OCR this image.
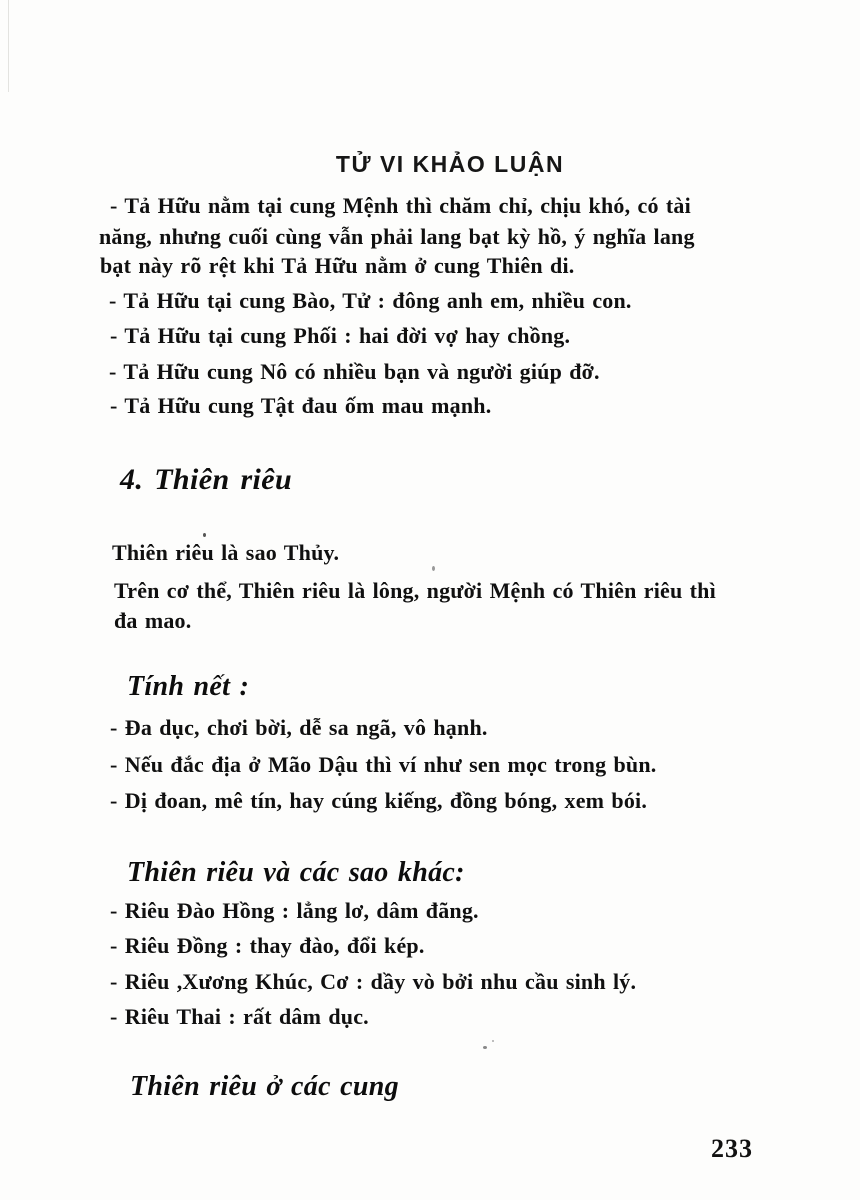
TỬ VI KHẢO LUẬN
- Tả Hữu nằm tại cung Mệnh thì chăm chỉ, chịu khó, có tài
năng, nhưng cuối cùng vẫn phải lang bạt kỳ hồ, ý nghĩa lang
bạt này rõ rệt khi Tả Hữu nằm ở cung Thiên di.
- Tả Hữu tại cung Bào, Tử : đông anh em, nhiều con.
- Tả Hữu tại cung Phối : hai đời vợ hay chồng.
- Tả Hữu cung Nô có nhiều bạn và người giúp đỡ.
- Tả Hữu cung Tật đau ốm mau mạnh.
4. Thiên riêu
Thiên riêu là sao Thủy.
Trên cơ thể, Thiên riêu là lông, người Mệnh có Thiên riêu thì
đa mao.
Tính nết :
- Đa dục, chơi bời, dễ sa ngã, vô hạnh.
- Nếu đắc địa ở Mão Dậu thì ví như sen mọc trong bùn.
- Dị đoan, mê tín, hay cúng kiếng, đồng bóng, xem bói.
Thiên riêu và các sao khác:
- Riêu Đào Hồng : lẳng lơ, dâm đãng.
- Riêu Đồng : thay đào, đổi kép.
- Riêu ,Xương Khúc, Cơ : dầy vò bởi nhu cầu sinh lý.
- Riêu Thai : rất dâm dục.
Thiên riêu ở các cung
233
